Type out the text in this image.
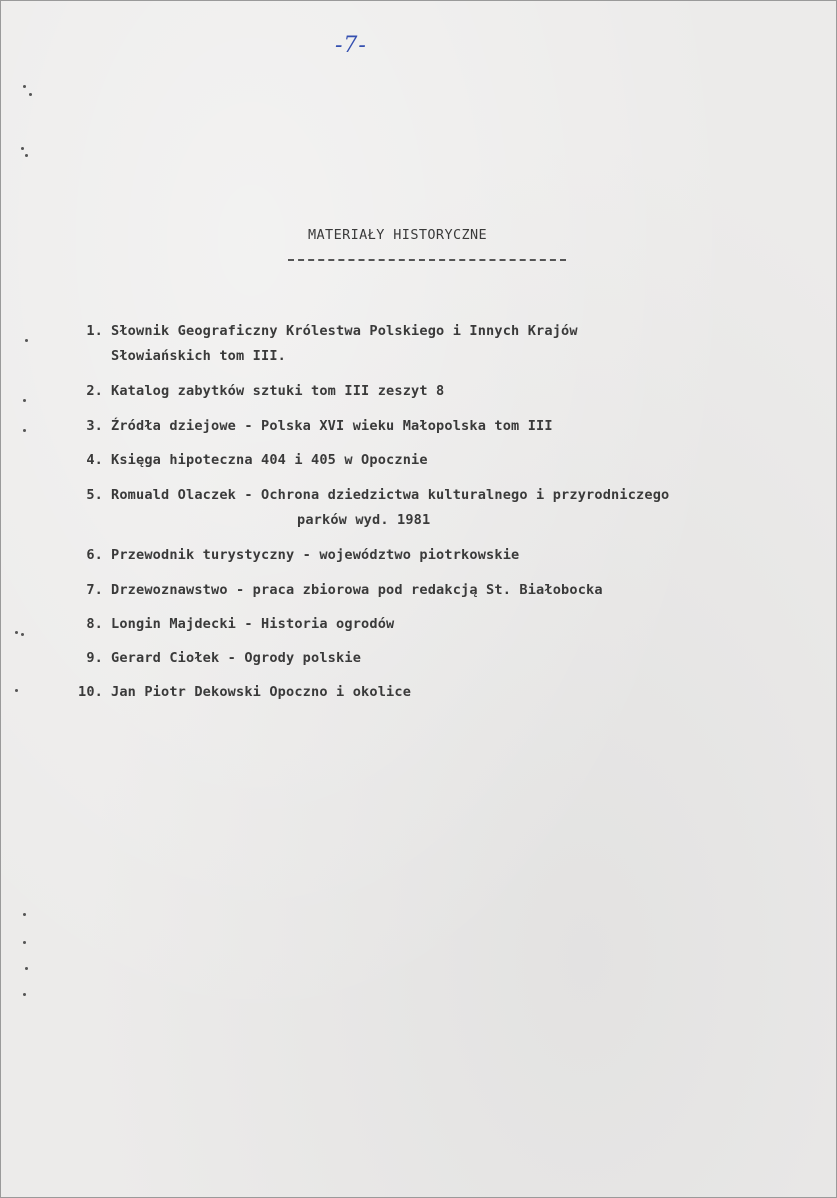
-7-
MATERIAŁY HISTORYCZNE
1. Słownik Geograficzny Królestwa Polskiego i Innych Krajów
Słowiańskich tom III.
2. Katalog zabytków sztuki tom III zeszyt 8
3. Źródła dziejowe - Polska XVI wieku Małopolska tom III
4. Księga hipoteczna 404 i 405 w Opocznie
5. Romuald Olaczek - Ochrona dziedzictwa kulturalnego i przyrodniczego
parków wyd. 1981
6. Przewodnik turystyczny - województwo piotrkowskie
7. Drzewoznawstwo - praca zbiorowa pod redakcją St. Białobocka
8. Longin Majdecki - Historia ogrodów
9. Gerard Ciołek - Ogrody polskie
10. Jan Piotr Dekowski Opoczno i okolice
